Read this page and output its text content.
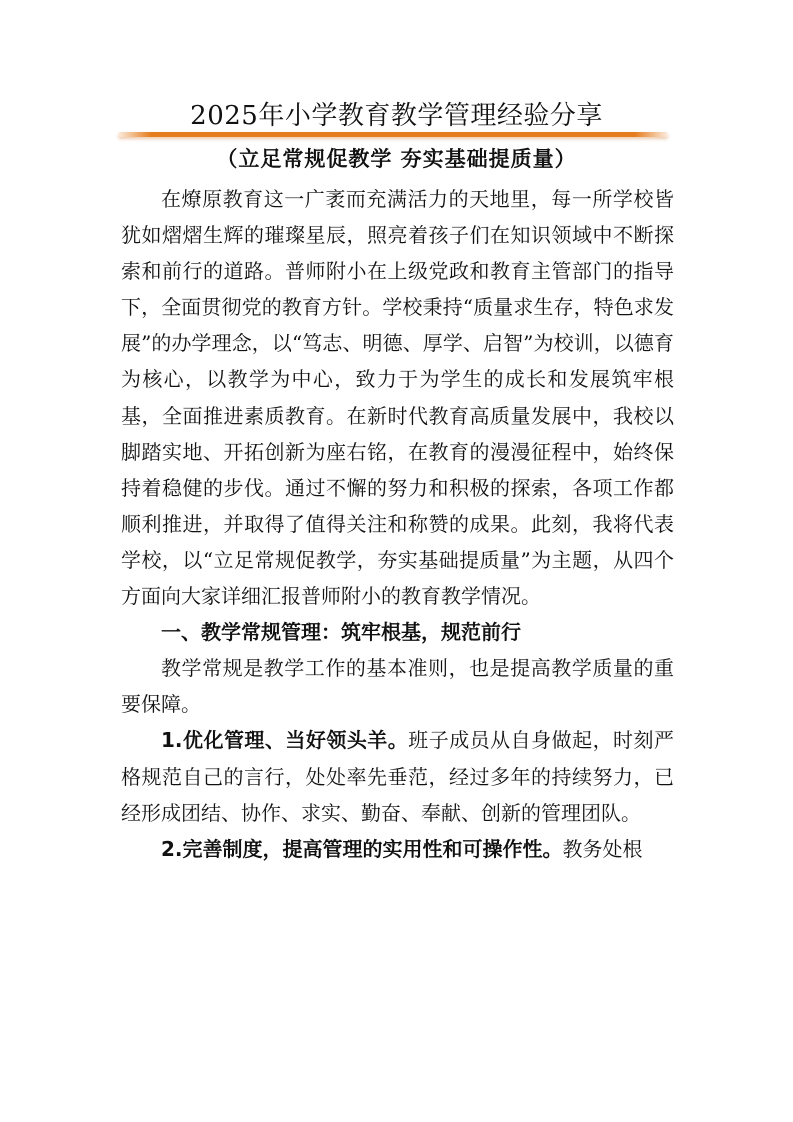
2025年小学教育教学管理经验分享
（立足常规促教学 夯实基础提质量）

在燎原教育这一广袤而充满活力的天地里，每一所学校皆犹如熠熠生辉的璀璨星辰，照亮着孩子们在知识领域中不断探索和前行的道路。普师附小在上级党政和教育主管部门的指导下，全面贯彻党的教育方针。学校秉持“质量求生存，特色求发展”的办学理念，以“笃志、明德、厚学、启智”为校训，以德育为核心，以教学为中心，致力于为学生的成长和发展筑牢根基，全面推进素质教育。在新时代教育高质量发展中，我校以脚踏实地、开拓创新为座右铭，在教育的漫漫征程中，始终保持着稳健的步伐。通过不懈的努力和积极的探索，各项工作都顺利推进，并取得了值得关注和称赞的成果。此刻，我将代表学校，以“立足常规促教学，夯实基础提质量”为主题，从四个方面向大家详细汇报普师附小的教育教学情况。

一、教学常规管理：筑牢根基，规范前行

教学常规是教学工作的基本准则，也是提高教学质量的重要保障。

1.优化管理、当好领头羊。班子成员从自身做起，时刻严格规范自己的言行，处处率先垂范，经过多年的持续努力，已经形成团结、协作、求实、勤奋、奉献、创新的管理团队。

2.完善制度，提高管理的实用性和可操作性。教务处根
